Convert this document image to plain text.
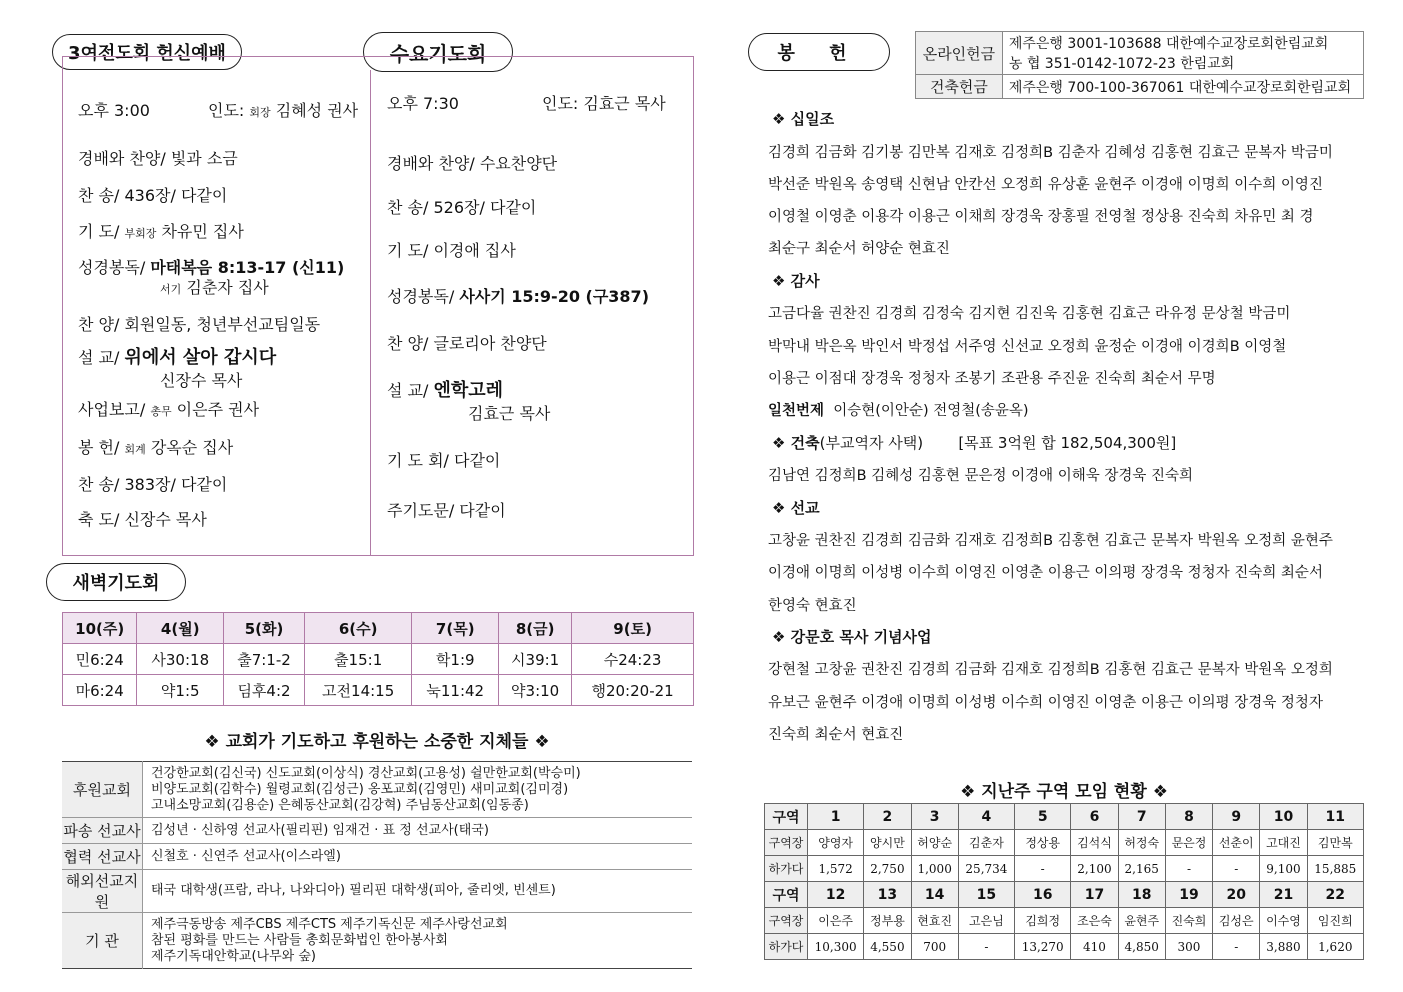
3여전도회 헌신예배	수요기도회
오후 3:00	인도: 회장 김혜성 권사
경배와 찬양/ 빛과 소금
찬 송/ 436장/ 다같이
기 도/ 부회장 차유민 집사
성경봉독/ 마태복음 8:13-17 (신11)
서기 김춘자 집사
찬 양/ 회원일동, 청년부선교팀일동
설 교/ 위에서 살아 갑시다
신장수 목사
사업보고/ 총무 이은주 권사
봉 헌/ 회계 강옥순 집사
찬 송/ 383장/ 다같이
축 도/ 신장수 목사
오후 7:30	인도: 김효근 목사
경배와 찬양/ 수요찬양단
찬 송/ 526장/ 다같이
기 도/ 이경애 집사
성경봉독/ 사사기 15:9-20 (구387)
찬 양/ 글로리아 찬양단
설 교/ 엔학고레
김효근 목사
기 도 회/ 다같이
주기도문/ 다같이
새벽기도회
10(주)	4(월)	5(화)	6(수)	7(목)	8(금)	9(토)
민6:24	사30:18	출7:1-2	출15:1	학1:9	시39:1	수24:23
마6:24	약1:5	딤후4:2	고전14:15	눅11:42	약3:10	행20:20-21
❖ 교회가 기도하고 후원하는 소중한 지체들 ❖
후원교회	건강한교회(김신국) 신도교회(이상식) 경산교회(고용성) 쉴만한교회(박승미)
비양도교회(김학수) 월령교회(김성근) 옹포교회(김영민) 새미교회(김미경)
고내소망교회(김용순) 은혜동산교회(김강혁) 주님동산교회(임동종)

파송 선교사	김성년 · 신하영 선교사(필리핀) 임재건 · 표 정 선교사(태국)

협력 선교사	신철호 · 신연주 선교사(이스라엘)

해외선교지원	태국 대학생(프람, 라나, 나와디아) 필리핀 대학생(피아, 줄리엣, 빈센트)

기 관	제주극동방송 제주CBS 제주CTS 제주기독신문 제주사랑선교회
참된 평화를 만드는 사람들 총회문화법인 한아봉사회
제주기독대안학교(나무와 숲)
봉 헌	온라인헌금	제주은행 3001-103688 대한예수교장로회한림교회
농 협 351-0142-1072-23 한림교회

건축헌금	제주은행 700-100-367061 대한예수교장로회한림교회
❖ 십일조
김경희 김금화 김기봉 김만복 김재호 김정희B 김춘자 김혜성 김홍현 김효근 문복자 박금미
박선준 박원옥 송영택 신현남 안칸선 오정희 유상훈 윤현주 이경애 이명희 이수희 이영진
이영철 이영춘 이용각 이용근 이채희 장경욱 장홍필 전영철 정상용 진숙희 차유민 최 경
최순구 최순서 허양순 현효진
❖ 감사
고금다율 권찬진 김경희 김정숙 김지현 김진욱 김홍현 김효근 라유정 문상철 박금미
박막내 박은옥 박인서 박정섭 서주영 신선교 오정희 윤정순 이경애 이경희B 이영철
이용근 이점대 장경욱 정청자 조봉기 조관용 주진윤 진숙희 최순서 무명
일천번제 이승현(이안순) 전영철(송윤옥)
❖ 건축(부교역자 사택) [목표 3억원 합 182,504,300원]
김남연 김정희B 김혜성 김홍현 문은정 이경애 이해욱 장경욱 진숙희
❖ 선교
고창윤 권찬진 김경희 김금화 김재호 김정희B 김홍현 김효근 문복자 박원옥 오정희 윤현주
이경애 이명희 이성병 이수희 이영진 이영춘 이용근 이의평 장경욱 정청자 진숙희 최순서
한영숙 현효진
❖ 강문호 목사 기념사업
강현철 고창윤 권찬진 김경희 김금화 김재호 김정희B 김홍현 김효근 문복자 박원옥 오정희
유보근 윤현주 이경애 이명희 이성병 이수희 이영진 이영춘 이용근 이의평 장경욱 정청자
진숙희 최순서 현효진
❖ 지난주 구역 모임 현황 ❖
구역	1	2	3	4	5	6	7	8	9	10	11
구역장	양영자	양시만	허양순	김춘자	정상용	김석식	허정숙	문은정	선춘이	고대진	김만복
하가다	1,572	2,750	1,000	25,734	-	2,100	2,165	-	-	9,100	15,885
구역	12	13	14	15	16	17	18	19	20	21	22
구역장	이은주	정부용	현효진	고은님	김희정	조은숙	윤현주	진숙희	김성은	이수영	임진희
하가다	10,300	4,550	700	-	13,270	410	4,850	300	-	3,880	1,620
